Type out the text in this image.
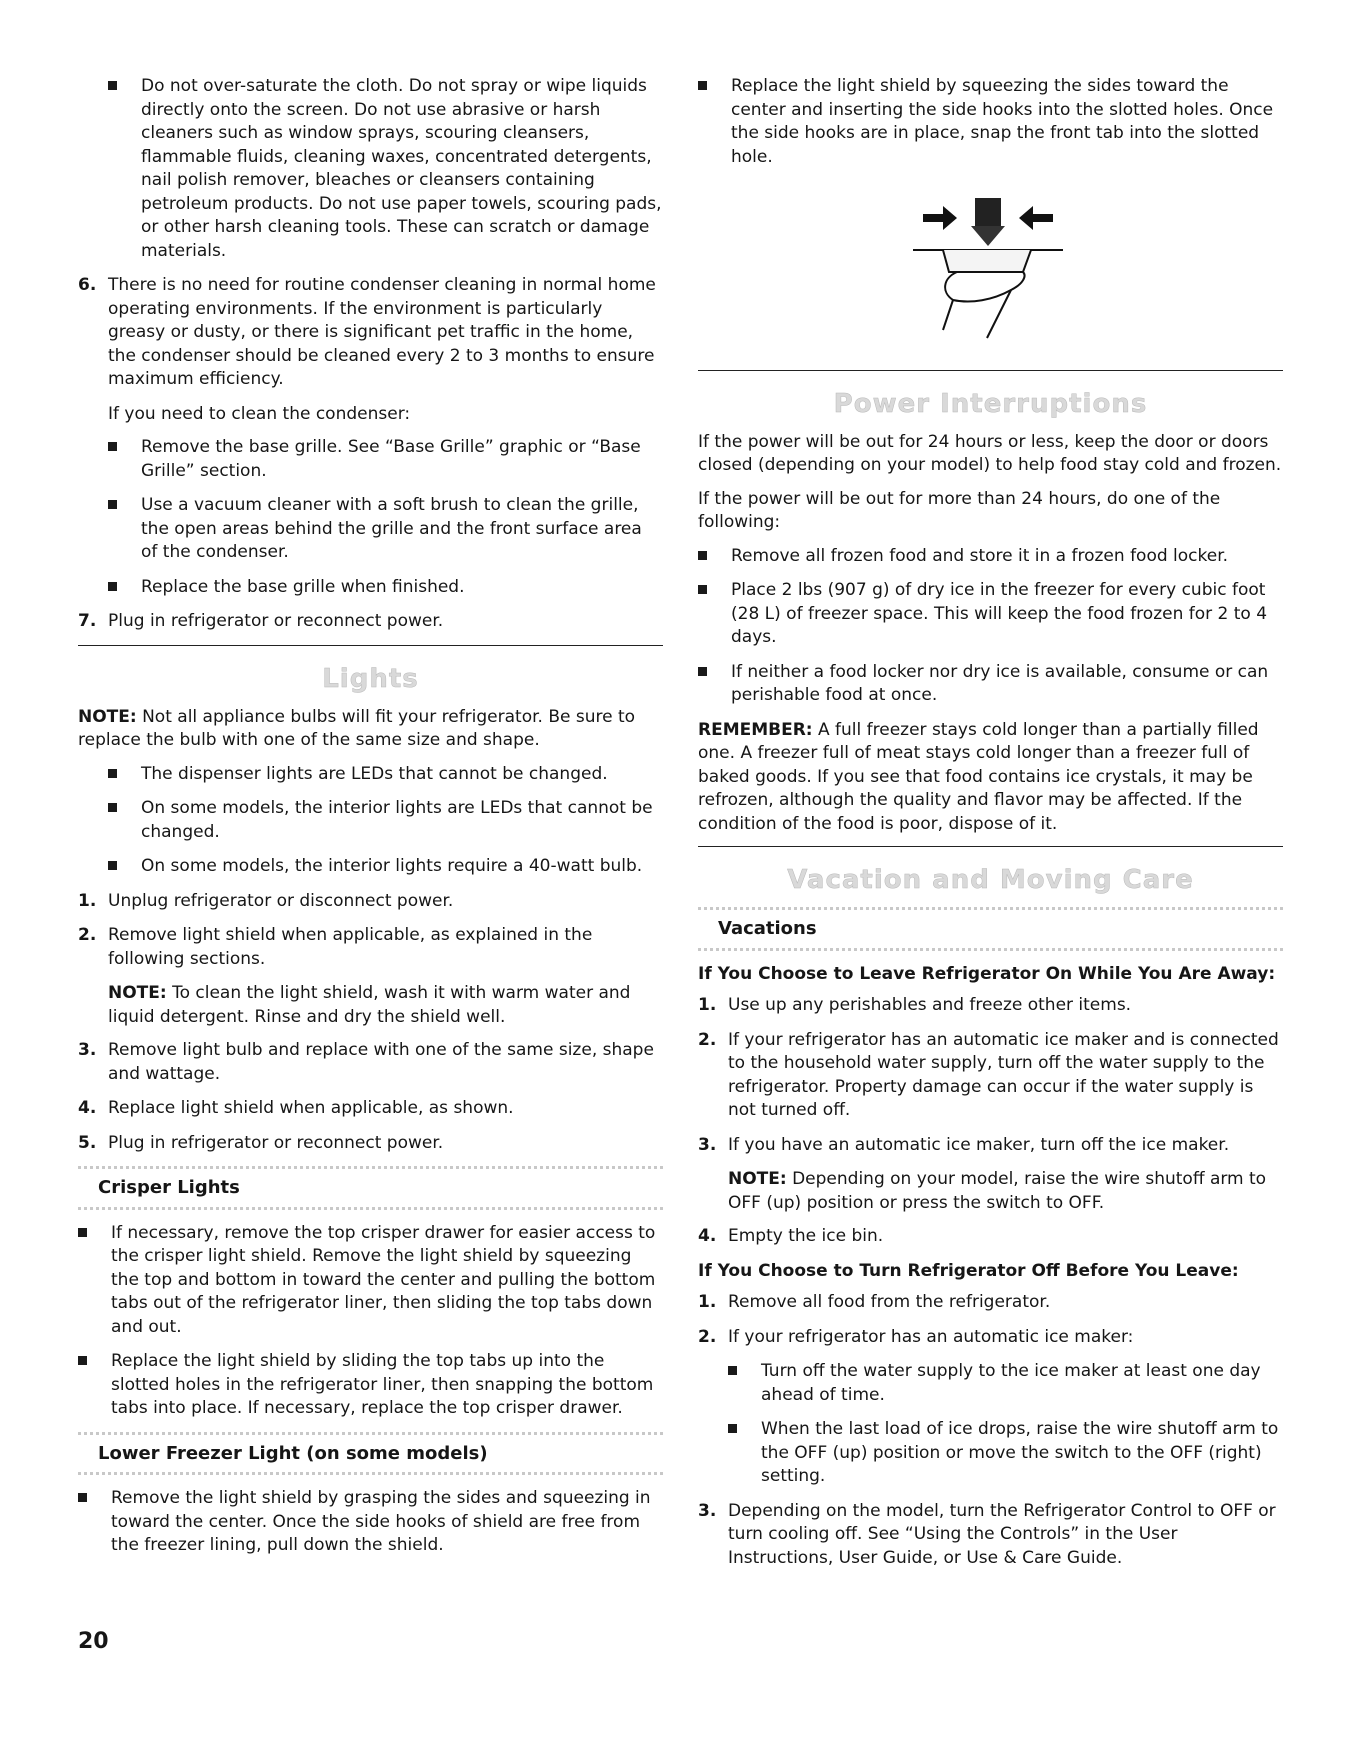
Do not over-saturate the cloth. Do not spray or wipe liquids directly onto the screen. Do not use abrasive or harsh cleaners such as window sprays, scouring cleansers, flammable fluids, cleaning waxes, concentrated detergents, nail polish remover, bleaches or cleansers containing petroleum products. Do not use paper towels, scouring pads, or other harsh cleaning tools. These can scratch or damage materials.
6. There is no need for routine condenser cleaning in normal home operating environments. If the environment is particularly greasy or dusty, or there is significant pet traffic in the home, the condenser should be cleaned every 2 to 3 months to ensure maximum efficiency.

If you need to clean the condenser:

Remove the base grille. See “Base Grille” graphic or “Base Grille” section.
Use a vacuum cleaner with a soft brush to clean the grille, the open areas behind the grille and the front surface area of the condenser.
Replace the base grille when finished.
7. Plug in refrigerator or reconnect power.
Lights

NOTE: Not all appliance bulbs will fit your refrigerator. Be sure to replace the bulb with one of the same size and shape.

The dispenser lights are LEDs that cannot be changed.
On some models, the interior lights are LEDs that cannot be changed.
On some models, the interior lights require a 40-watt bulb.
1. Unplug refrigerator or disconnect power.
2. Remove light shield when applicable, as explained in the following sections.

NOTE: To clean the light shield, wash it with warm water and liquid detergent. Rinse and dry the shield well.

3. Remove light bulb and replace with one of the same size, shape and wattage.
4. Replace light shield when applicable, as shown.
5. Plug in refrigerator or reconnect power.
Crisper Lights
If necessary, remove the top crisper drawer for easier access to the crisper light shield. Remove the light shield by squeezing the top and bottom in toward the center and pulling the bottom tabs out of the refrigerator liner, then sliding the top tabs down and out.
Replace the light shield by sliding the top tabs up into the slotted holes in the refrigerator liner, then snapping the bottom tabs into place. If necessary, replace the top crisper drawer.
Lower Freezer Light (on some models)
Remove the light shield by grasping the sides and squeezing in toward the center. Once the side hooks of shield are free from the freezer lining, pull down the shield.
Replace the light shield by squeezing the sides toward the center and inserting the side hooks into the slotted holes. Once the side hooks are in place, snap the front tab into the slotted hole.
Power Interruptions

If the power will be out for 24 hours or less, keep the door or doors closed (depending on your model) to help food stay cold and frozen.

If the power will be out for more than 24 hours, do one of the following:

Remove all frozen food and store it in a frozen food locker.
Place 2 lbs (907 g) of dry ice in the freezer for every cubic foot (28 L) of freezer space. This will keep the food frozen for 2 to 4 days.
If neither a food locker nor dry ice is available, consume or can perishable food at once.

REMEMBER: A full freezer stays cold longer than a partially filled one. A freezer full of meat stays cold longer than a freezer full of baked goods. If you see that food contains ice crystals, it may be refrozen, although the quality and flavor may be affected. If the condition of the food is poor, dispose of it.

Vacation and Moving Care
Vacations

If You Choose to Leave Refrigerator On While You Are Away:

1. Use up any perishables and freeze other items.
2. If your refrigerator has an automatic ice maker and is connected to the household water supply, turn off the water supply to the refrigerator. Property damage can occur if the water supply is not turned off.
3. If you have an automatic ice maker, turn off the ice maker.

NOTE: Depending on your model, raise the wire shutoff arm to OFF (up) position or press the switch to OFF.

4. Empty the ice bin.

If You Choose to Turn Refrigerator Off Before You Leave:

1. Remove all food from the refrigerator.
2. If your refrigerator has an automatic ice maker:
Turn off the water supply to the ice maker at least one day ahead of time.
When the last load of ice drops, raise the wire shutoff arm to the OFF (up) position or move the switch to the OFF (right) setting.
3. Depending on the model, turn the Refrigerator Control to OFF or turn cooling off. See “Using the Controls” in the User Instructions, User Guide, or Use & Care Guide.
20
